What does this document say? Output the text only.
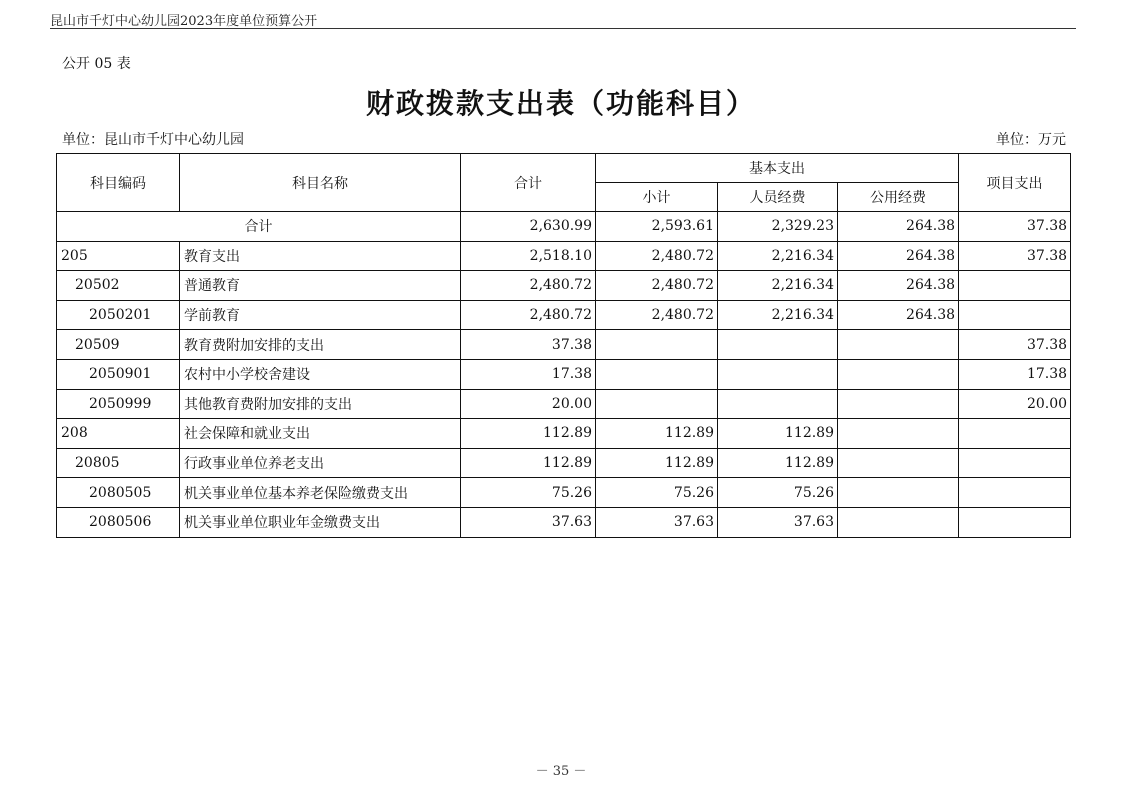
昆山市千灯中心幼儿园2023年度单位预算公开
公开 05 表
财政拨款支出表（功能科目）
单位：昆山市千灯中心幼儿园	单位：万元
科目编码	科目名称	合计	基本支出			项目支出
			小计	人员经费	公用经费	
合计		2,630.99	2,593.61	2,329.23	264.38	37.38
205	教育支出	2,518.10	2,480.72	2,216.34	264.38	37.38
20502	普通教育	2,480.72	2,480.72	2,216.34	264.38	
2050201	学前教育	2,480.72	2,480.72	2,216.34	264.38	
20509	教育费附加安排的支出	37.38				37.38
2050901	农村中小学校舍建设	17.38				17.38
2050999	其他教育费附加安排的支出	20.00				20.00
208	社会保障和就业支出	112.89	112.89	112.89		
20805	行政事业单位养老支出	112.89	112.89	112.89		
2080505	机关事业单位基本养老保险缴费支出	75.26	75.26	75.26		
2080506	机关事业单位职业年金缴费支出	37.63	37.63	37.63		
－ 35 －
